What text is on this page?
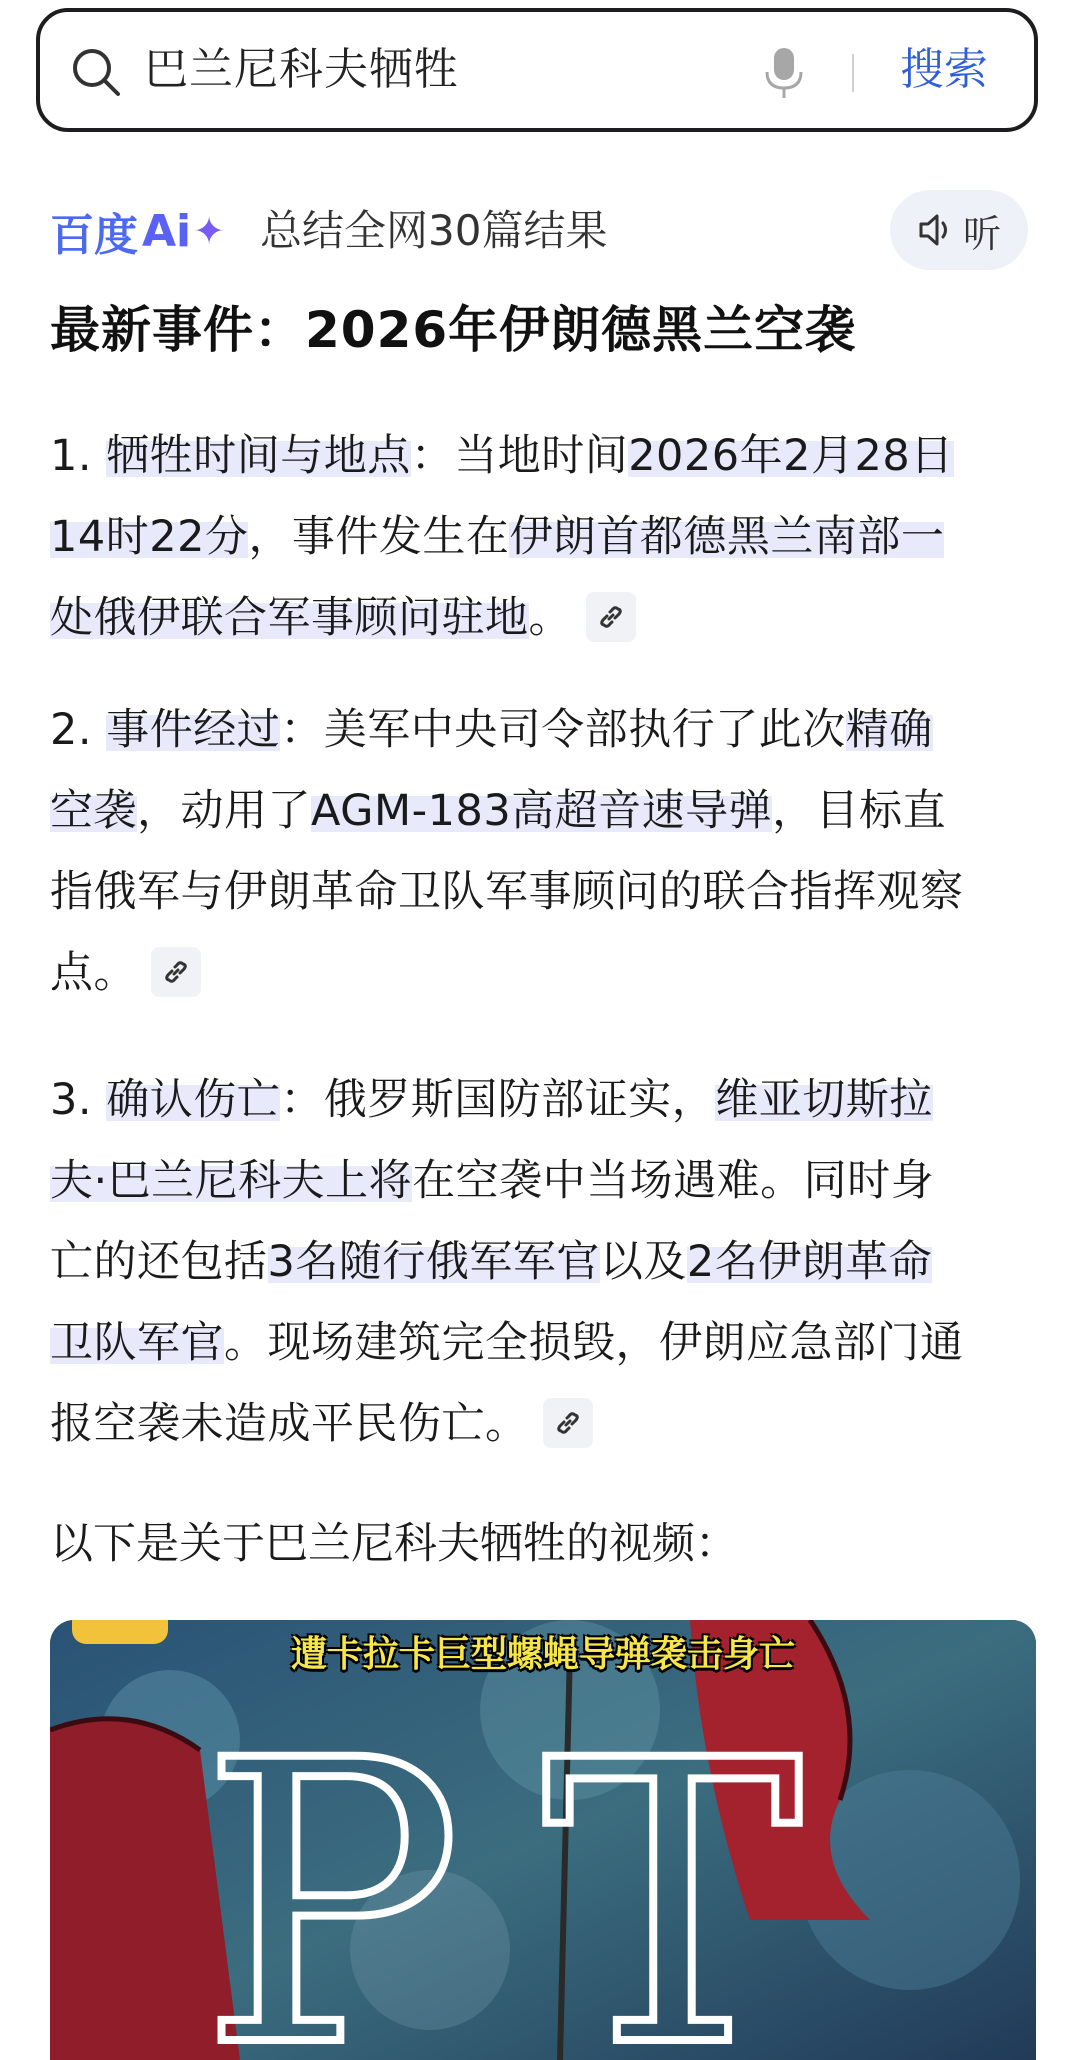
巴兰尼科夫牺牲	搜索
百度 Ai ✦ 总结全网30篇结果	听
最新事件：2026年伊朗德黑兰空袭
1. 牺牲时间与地点：当地时间2026年2月28日
14时22分，事件发生在伊朗首都德黑兰南部一
处俄伊联合军事顾问驻地。
2. 事件经过：美军中央司令部执行了此次精确
空袭，动用了AGM-183高超音速导弹，目标直
指俄军与伊朗革命卫队军事顾问的联合指挥观察
点。
3. 确认伤亡：俄罗斯国防部证实，维亚切斯拉
夫·巴兰尼科夫上将在空袭中当场遇难。同时身
亡的还包括3名随行俄军军官以及2名伊朗革命
卫队军官。现场建筑完全损毁，伊朗应急部门通
报空袭未造成平民伤亡。
以下是关于巴兰尼科夫牺牲的视频：
遭卡拉卡巨型螺蝇导弹袭击身亡
PT
